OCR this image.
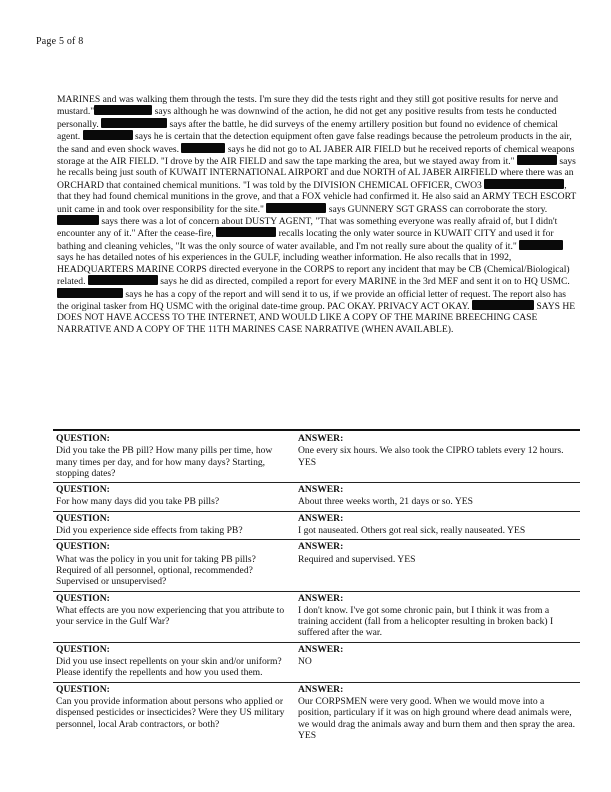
Page 5 of 8

MARINES and was walking them through the tests. I'm sure they did the tests right and they still got positive results for nerve and mustard."	says although he was downwind of the action, he did not get any positive results from tests he conducted personally.	says after the battle, he did surveys of the enemy artillery position but found no evidence of chemical agent.	says he is certain that the detection equipment often gave false readings because the petroleum products in the air, the sand and even shock waves.	says he did not go to AL JABER AIR FIELD but he received reports of chemical weapons storage at the AIR FIELD. "I drove by the AIR FIELD and saw the tape marking the area, but we stayed away from it."	says he recalls being just south of KUWAIT INTERNATIONAL AIRPORT and due NORTH of AL JABER AIRFIELD where there was an ORCHARD that contained chemical munitions. "I was told by the DIVISION CHEMICAL OFFICER, CWO3	, that they had found chemical munitions in the grove, and that a FOX vehicle had confirmed it. He also said an ARMY TECH ESCORT unit came in and took over responsibility for the site."	says GUNNERY SGT GRASS can corroborate the story.  says there was a lot of concern about DUSTY AGENT, "That was something everyone was really afraid of, but I didn't encounter any of it." After the cease-fire,	recalls locating the only water source in KUWAIT CITY and used it for bathing and cleaning vehicles, "It was the only source of water available, and I'm not really sure about the quality of it."  says he has detailed notes of his experiences in the GULF, including weather information. He also recalls that in 1992, HEADQUARTERS MARINE CORPS directed everyone in the CORPS to report any incident that may be CB (Chemical/Biological) related.	says he did as directed, compiled a report for every MARINE in the 3rd MEF and sent it on to HQ USMC.  says he has a copy of the report and will send it to us, if we provide an official letter of request. The report also has the original tasker from HQ USMC with the original date-time group. PAC OKAY. PRIVACY ACT OKAY.	SAYS HE DOES NOT HAVE ACCESS TO THE INTERNET, AND WOULD LIKE A COPY OF THE MARINE BREECHING CASE NARRATIVE AND A COPY OF THE 11TH MARINES CASE NARRATIVE (WHEN AVAILABLE).

QUESTION:
Did you take the PB pill? How many pills per time, how many times per day, and for how many days? Starting, stopping dates?
ANSWER:
One every six hours. We also took the CIPRO tablets every 12 hours. YES
QUESTION:
For how many days did you take PB pills?
ANSWER:
About three weeks worth, 21 days or so. YES
QUESTION:
Did you experience side effects from taking PB?
ANSWER:
I got nauseated. Others got real sick, really nauseated. YES
QUESTION:
What was the policy in you unit for taking PB pills? Required of all personnel, optional, recommended? Supervised or unsupervised?
ANSWER:
Required and supervised. YES
QUESTION:
What effects are you now experiencing that you attribute to your service in the Gulf War?
ANSWER:
I don't know. I've got some chronic pain, but I think it was from a training accident (fall from a helicopter resulting in broken back) I suffered after the war.
QUESTION:
Did you use insect repellents on your skin and/or uniform? Please identify the repellents and how you used them.
ANSWER:
NO
QUESTION:
Can you provide information about persons who applied or dispensed pesticides or insecticides? Were they US military personnel, local Arab contractors, or both?
ANSWER:
Our CORPSMEN were very good. When we would move into a position, particulary if it was on high ground where dead animals were, we would drag the animals away and burn them and then spray the area. YES
